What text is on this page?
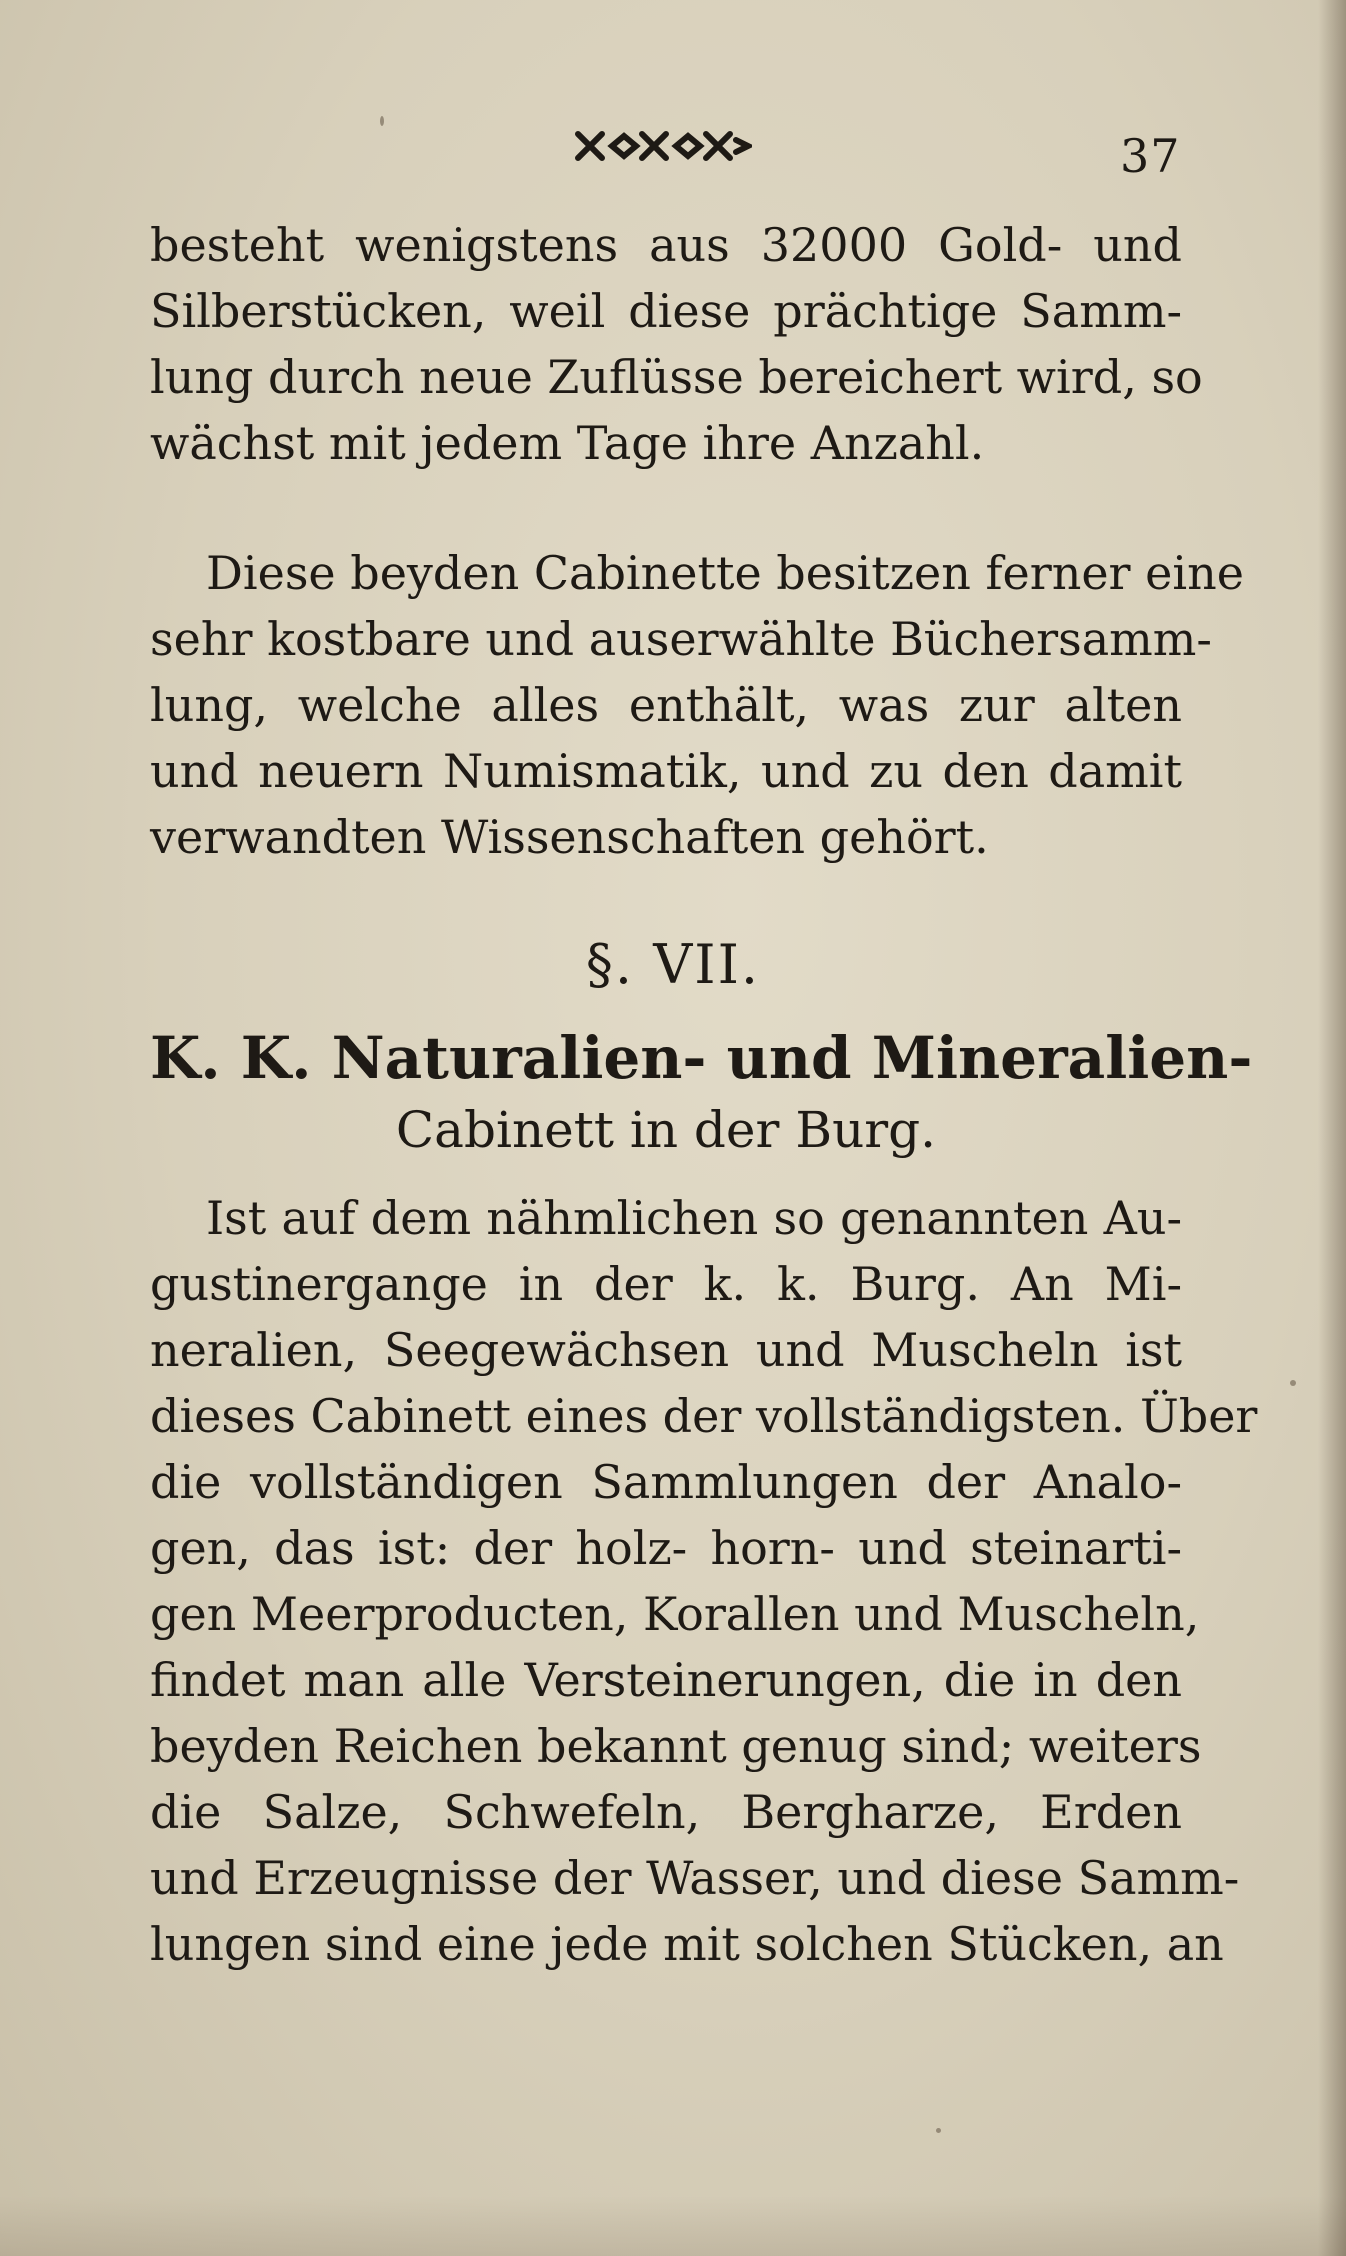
37
besteht wenigstens aus 32000 Gold- und
Silberstücken, weil diese prächtige Samm-
lung durch neue Zuflüsse bereichert wird, so
wächst mit jedem Tage ihre Anzahl.
Diese beyden Cabinette besitzen ferner eine
sehr kostbare und auserwählte Büchersamm-
lung, welche alles enthält, was zur alten
und neuern Numismatik, und zu den damit
verwandten Wissenschaften gehört.
§. VII.
K. K. Naturalien- und Mineralien-
Cabinett in der Burg.
Ist auf dem nähmlichen so genannten Au-
gustinergange in der k. k. Burg. An Mi-
neralien, Seegewächsen und Muscheln ist
dieses Cabinett eines der vollständigsten. Über
die vollständigen Sammlungen der Analo-
gen, das ist: der holz- horn- und steinarti-
gen Meerproducten, Korallen und Muscheln,
findet man alle Versteinerungen, die in den
beyden Reichen bekannt genug sind; weiters
die Salze, Schwefeln, Bergharze, Erden
und Erzeugnisse der Wasser, und diese Samm-
lungen sind eine jede mit solchen Stücken, an
